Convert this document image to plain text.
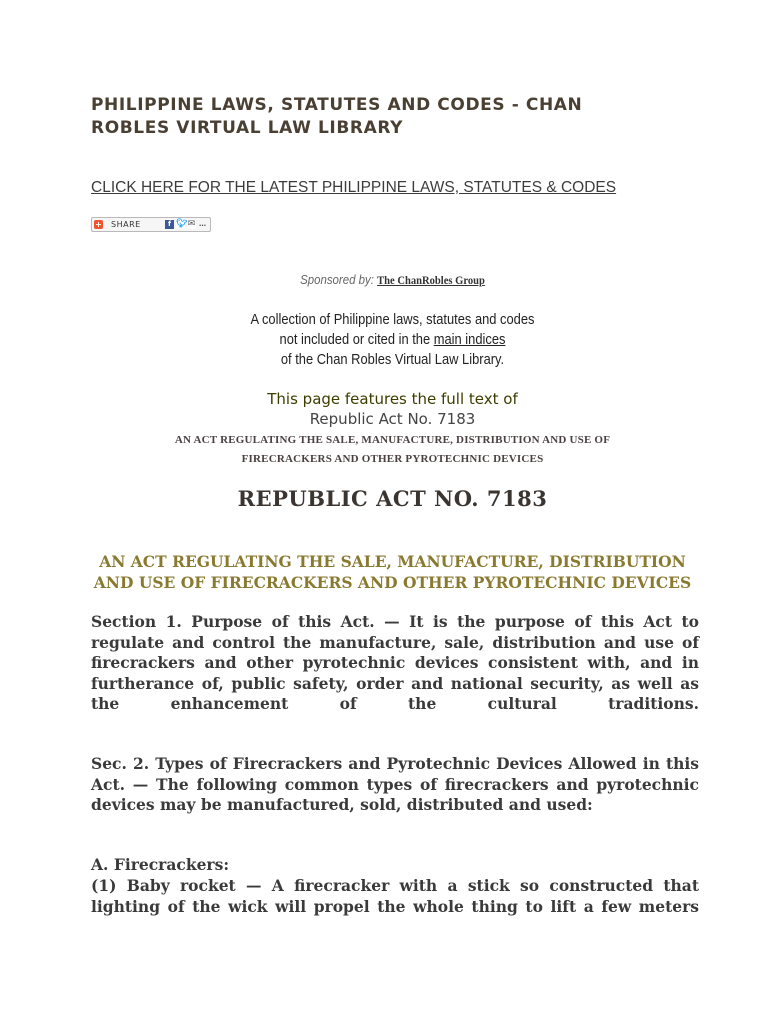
PHILIPPINE LAWS, STATUTES AND CODES - CHAN ROBLES VIRTUAL LAW LIBRARY
CLICK HERE FOR THE LATEST PHILIPPINE LAWS, STATUTES & CODES
+ SHARE	f 🐦︎ ✉ …
Sponsored by: The ChanRobles Group
A collection of Philippine laws, statutes and codes
not included or cited in the main indices
of the Chan Robles Virtual Law Library.
This page features the full text of
Republic Act No. 7183
AN ACT REGULATING THE SALE, MANUFACTURE, DISTRIBUTION AND USE OF
FIRECRACKERS AND OTHER PYROTECHNIC DEVICES
REPUBLIC ACT NO. 7183
AN ACT REGULATING THE SALE, MANUFACTURE, DISTRIBUTION
AND USE OF FIRECRACKERS AND OTHER PYROTECHNIC DEVICES

Section 1. Purpose of this Act. — It is the purpose of this Act to regulate and control the manufacture, sale, distribution and use of firecrackers and other pyrotechnic devices consistent with, and in furtherance of, public safety, order and national security, as well as the enhancement of the cultural traditions.

Sec. 2. Types of Firecrackers and Pyrotechnic Devices Allowed in this Act. — The following common types of firecrackers and pyrotechnic devices may be manufactured, sold, distributed and used:

A. Firecrackers:

(1) Baby rocket — A firecracker with a stick so constructed that lighting of the wick will propel the whole thing to lift a few meters
